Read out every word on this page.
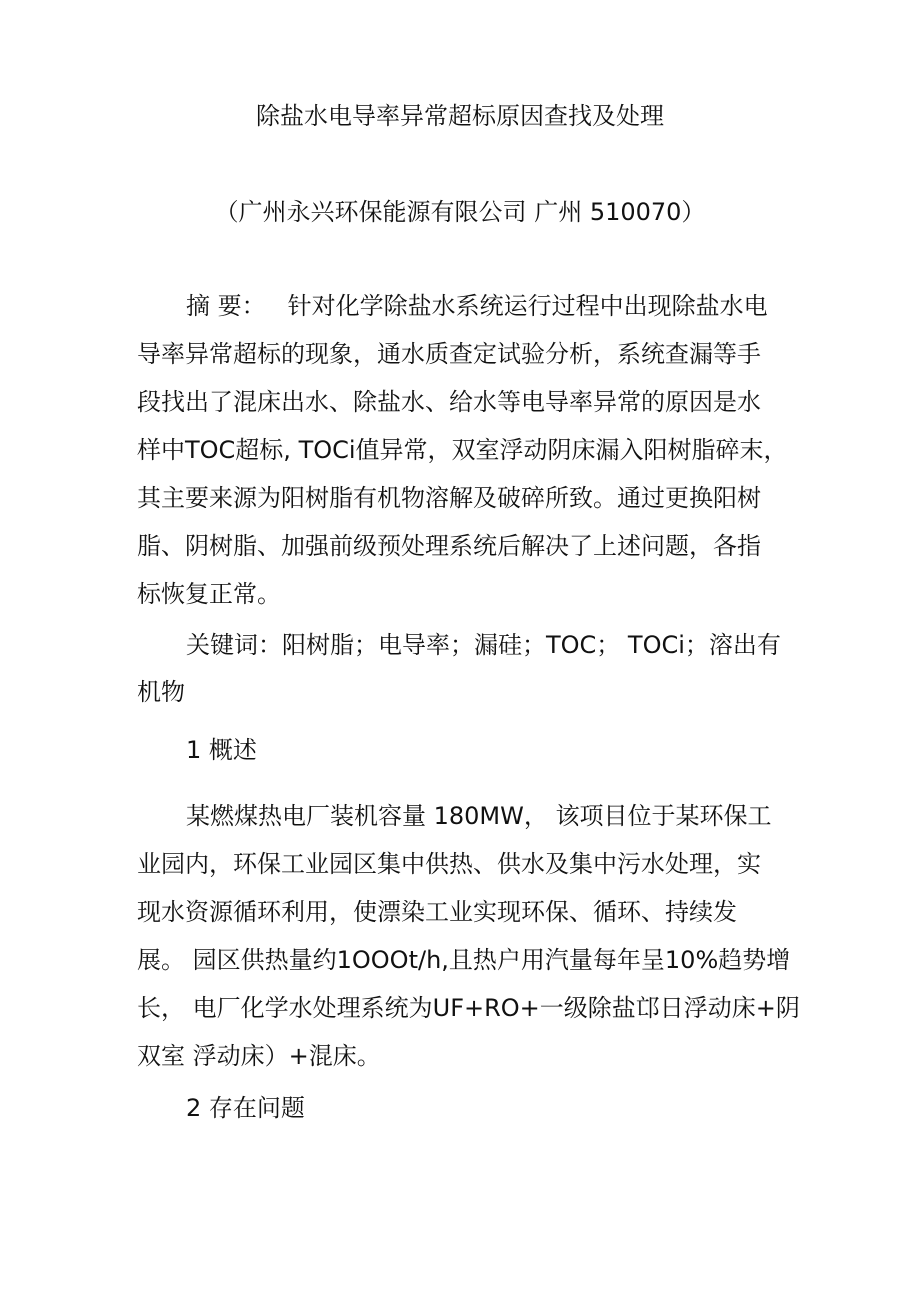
除盐水电导率异常超标原因查找及处理
（广州永兴环保能源有限公司 广州 510070）
摘 要： 针对化学除盐水系统运行过程中出现除盐水电
导率异常超标的现象，通水质查定试验分析，系统查漏等手
段找出了混床出水、除盐水、给水等电导率异常的原因是水
样中TOC超标, TOCi值异常，双室浮动阴床漏入阳树脂碎末，
其主要来源为阳树脂有机物溶解及破碎所致。通过更换阳树
脂、阴树脂、加强前级预处理系统后解决了上述问题，各指
标恢复正常。
关键词：阳树脂；电导率；漏硅；TOC； TOCi；溶出有
机物
1 概述
某燃煤热电厂装机容量 180MW， 该项目位于某环保工
业园内，环保工业园区集中供热、供水及集中污水处理，实
现水资源循环利用，使漂染工业实现环保、循环、持续发
展。 园区供热量约1OOOt/h,且热户用汽量每年呈10%趋势增
长， 电厂化学水处理系统为UF+RO+一级除盐邙日浮动床+阴
双室 浮动床）+混床。
2 存在问题
